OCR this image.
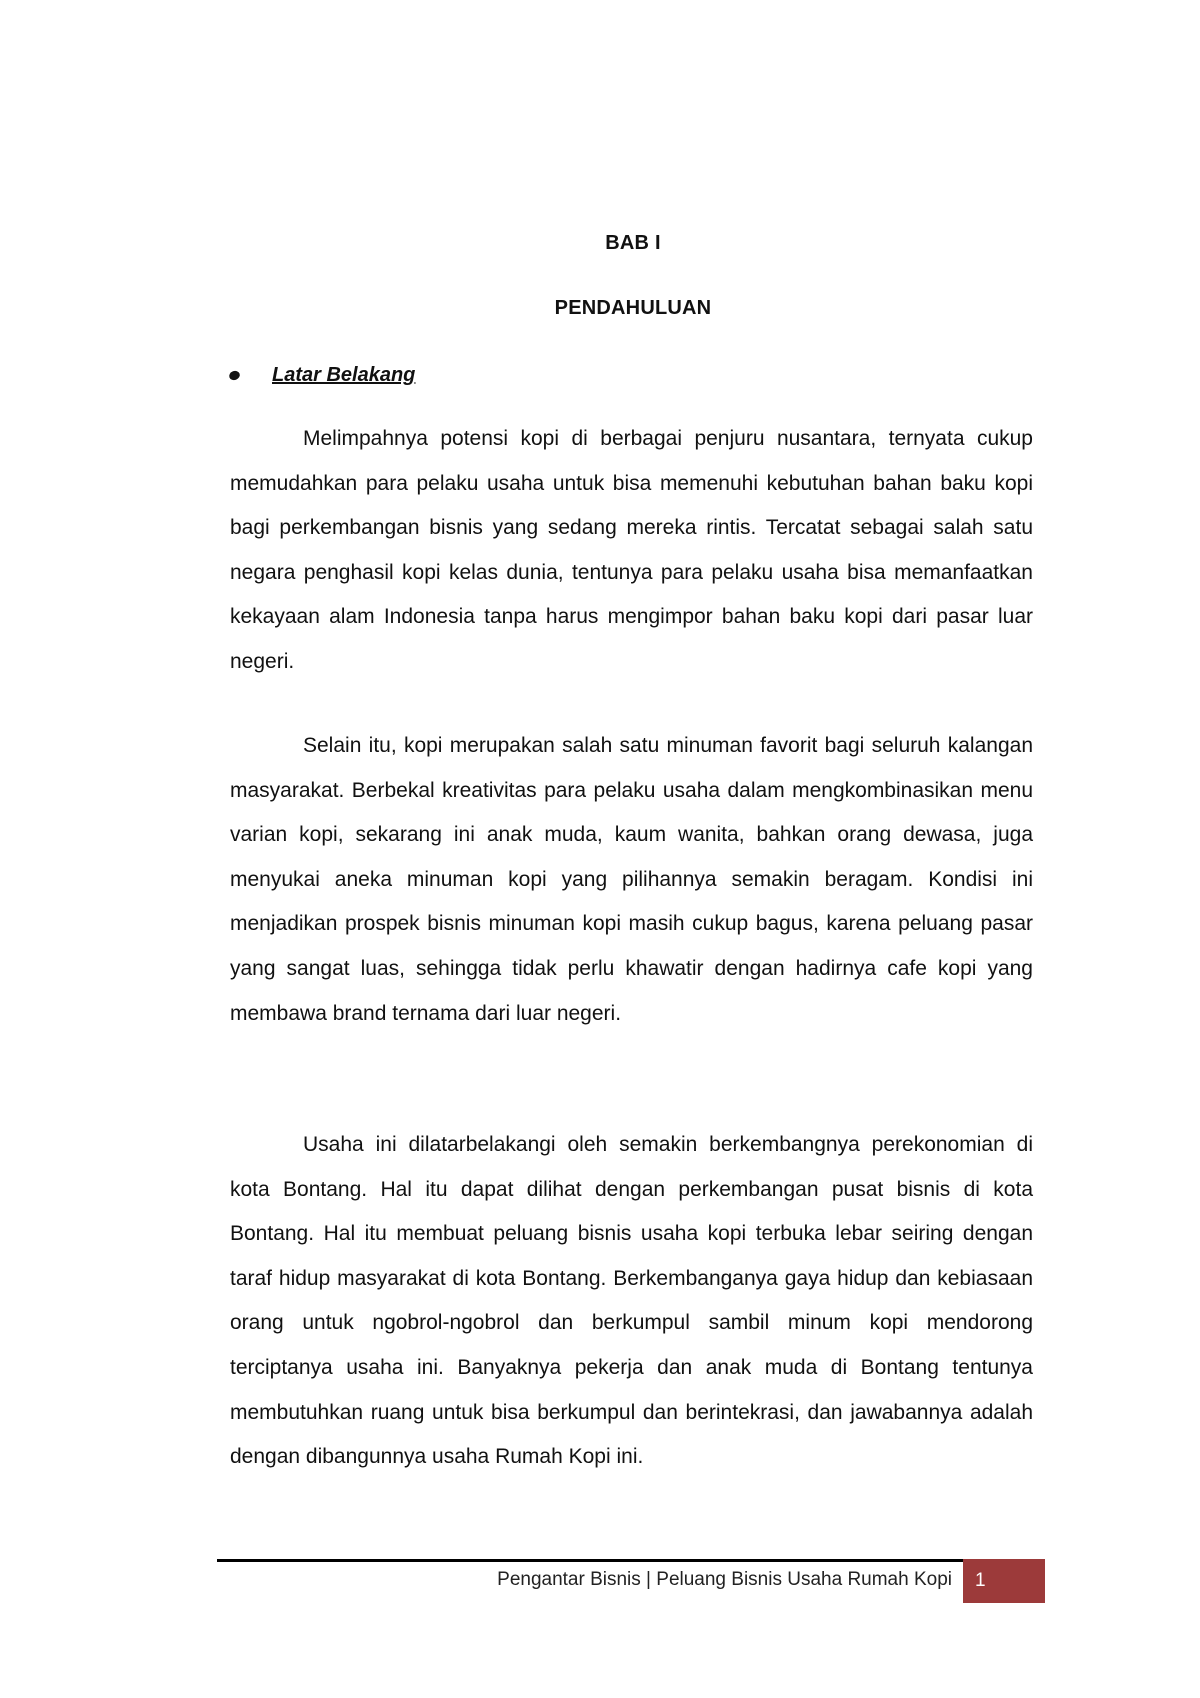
BAB I
PENDAHULUAN
Latar Belakang

Melimpahnya potensi kopi di berbagai penjuru nusantara, ternyata cukup memudahkan para pelaku usaha untuk bisa memenuhi kebutuhan bahan baku kopi bagi perkembangan bisnis yang sedang mereka rintis. Tercatat sebagai salah satu negara penghasil kopi kelas dunia, tentunya para pelaku usaha bisa memanfaatkan kekayaan alam Indonesia tanpa harus mengimpor bahan baku kopi dari pasar luar negeri.

Selain itu, kopi merupakan salah satu minuman favorit bagi seluruh kalangan masyarakat. Berbekal kreativitas para pelaku usaha dalam mengkombinasikan menu varian kopi, sekarang ini anak muda, kaum wanita, bahkan orang dewasa, juga menyukai aneka minuman kopi yang pilihannya semakin beragam. Kondisi ini menjadikan prospek bisnis minuman kopi masih cukup bagus, karena peluang pasar yang sangat luas, sehingga tidak perlu khawatir dengan hadirnya cafe kopi yang membawa brand ternama dari luar negeri.

Usaha ini dilatarbelakangi oleh semakin berkembangnya perekonomian di kota Bontang. Hal itu dapat dilihat dengan perkembangan pusat bisnis di kota Bontang. Hal itu membuat peluang bisnis usaha kopi terbuka lebar seiring dengan taraf hidup masyarakat di kota Bontang. Berkembanganya gaya hidup dan kebiasaan orang untuk ngobrol-ngobrol dan berkumpul sambil minum kopi mendorong terciptanya usaha ini. Banyaknya pekerja dan anak muda di Bontang tentunya membutuhkan ruang untuk bisa berkumpul dan berintekrasi, dan jawabannya adalah dengan dibangunnya usaha Rumah Kopi ini.

Pengantar Bisnis | Peluang Bisnis Usaha Rumah Kopi	1
